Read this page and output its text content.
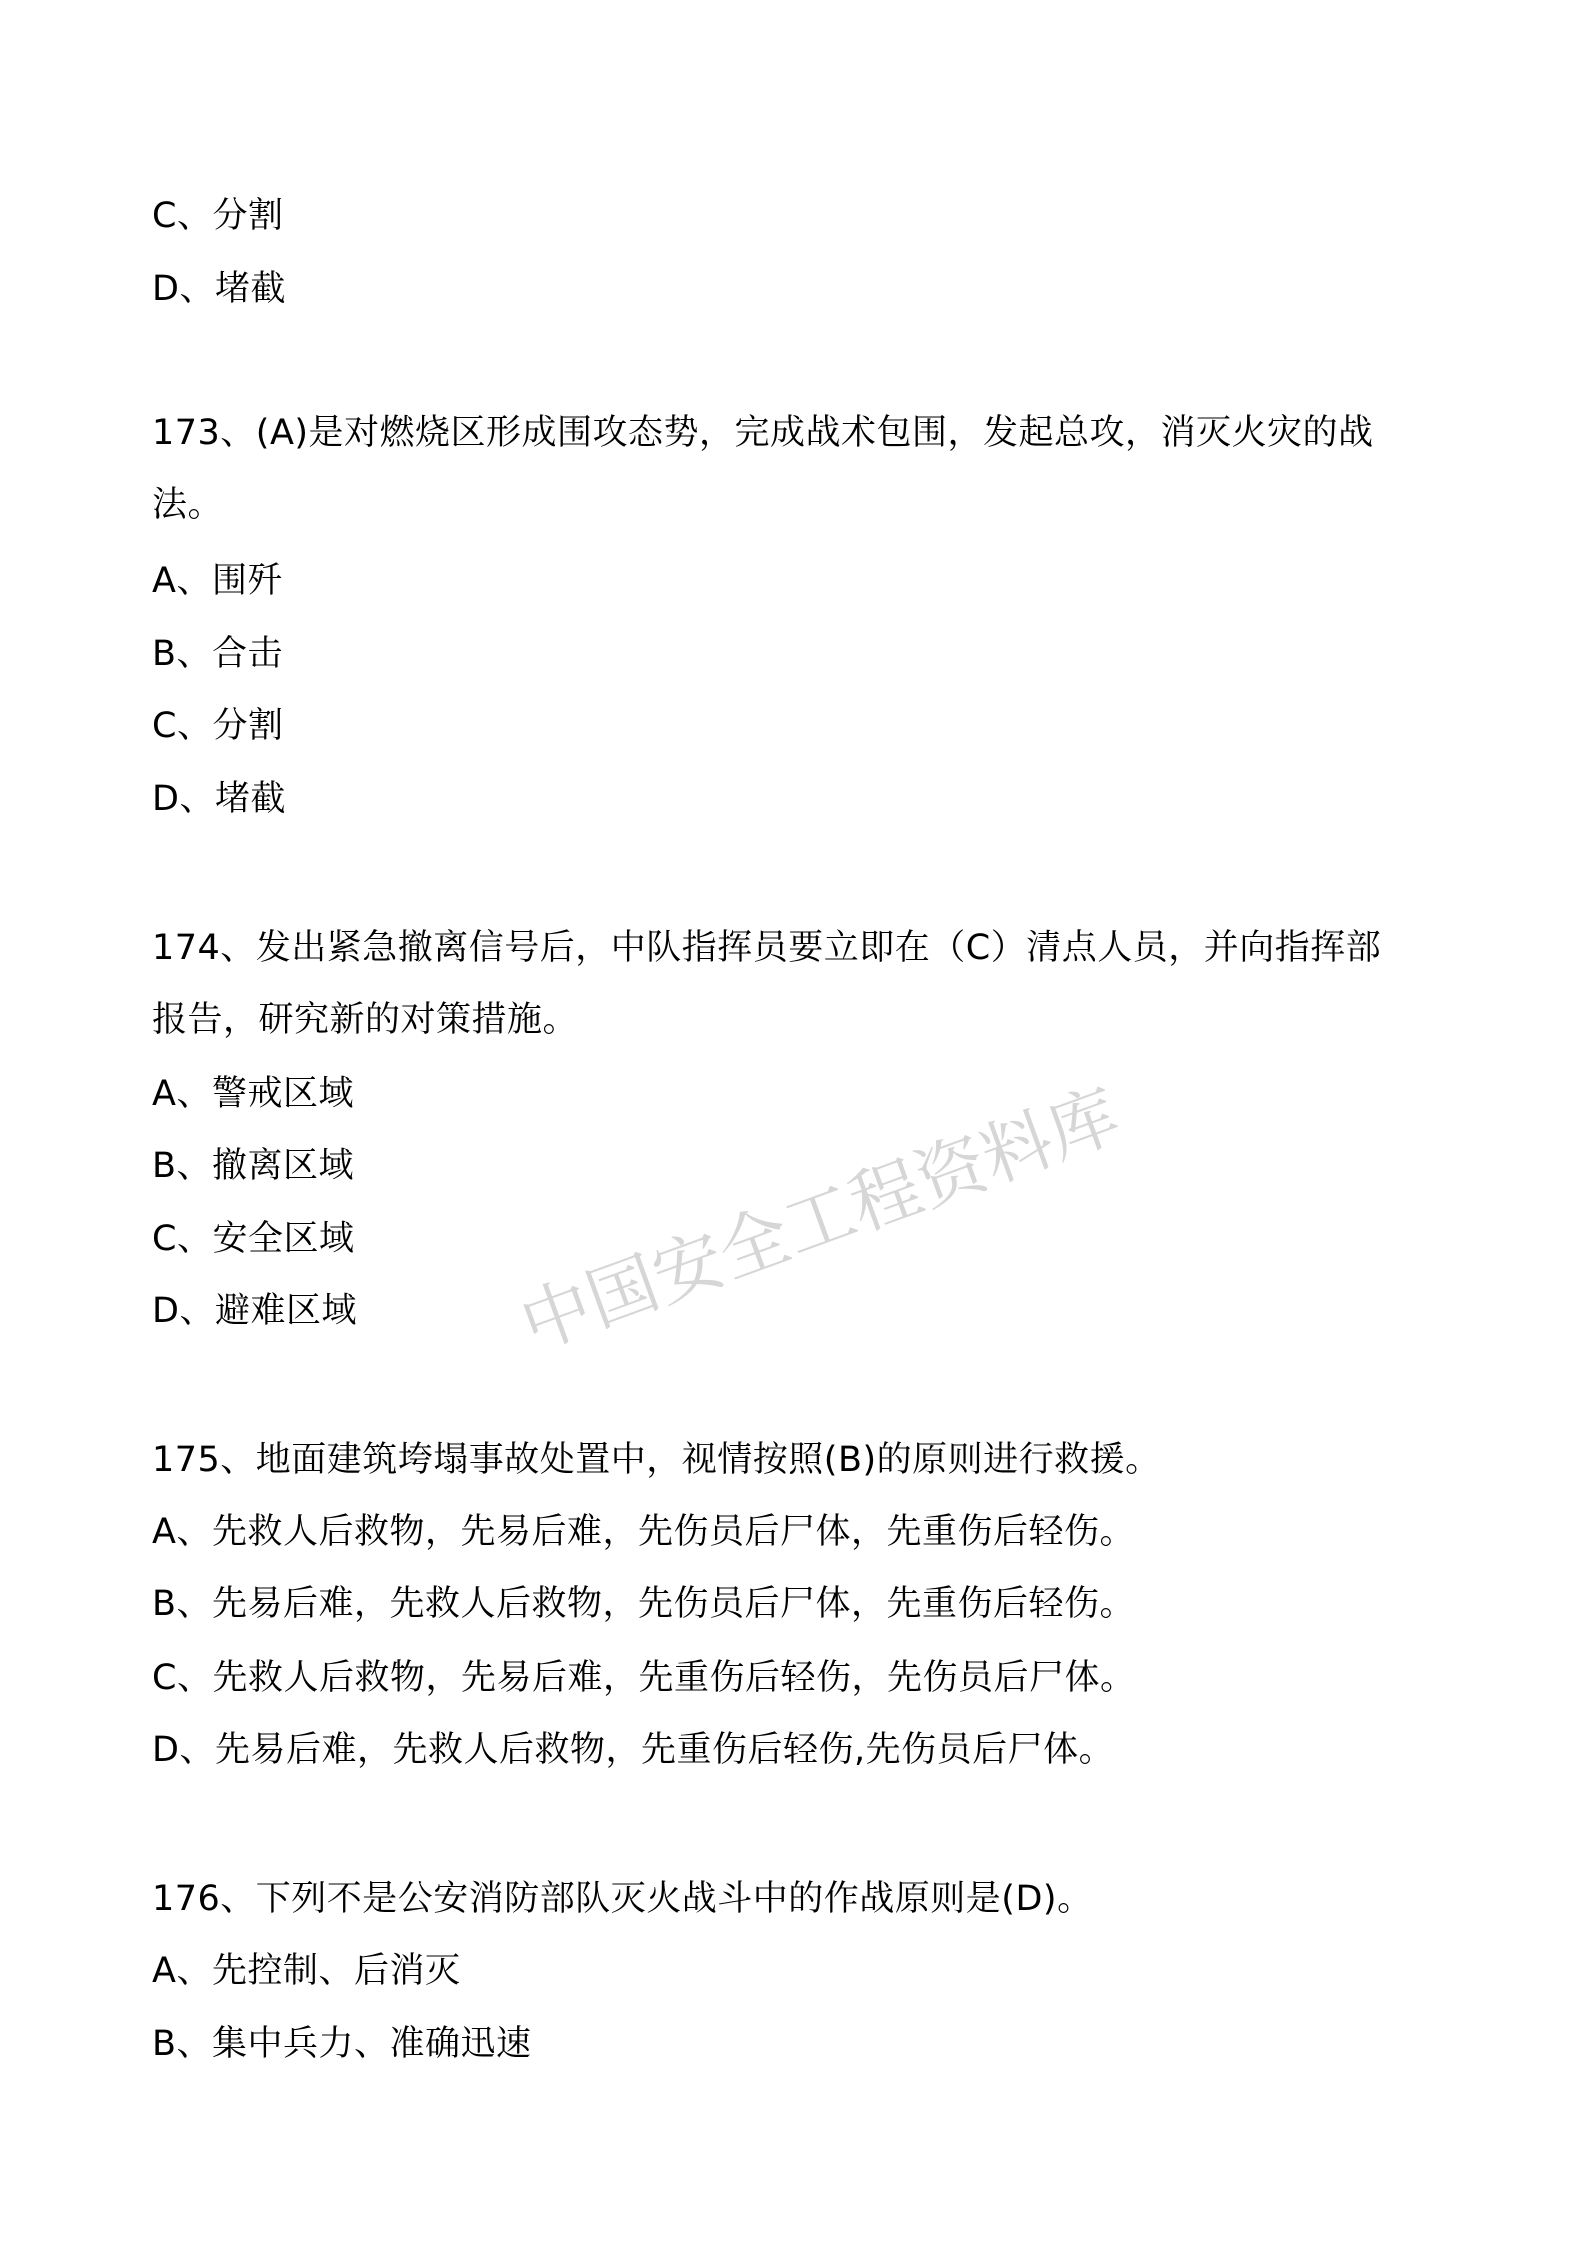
中国安全工程资料库
C、分割
D、堵截
173、(A)是对燃烧区形成围攻态势，完成战术包围，发起总攻，消灭火灾的战
法。
A、围歼
B、合击
C、分割
D、堵截
174、发出紧急撤离信号后，中队指挥员要立即在（C）清点人员，并向指挥部
报告，研究新的对策措施。
A、警戒区域
B、撤离区域
C、安全区域
D、避难区域
175、地面建筑垮塌事故处置中，视情按照(B)的原则进行救援。
A、先救人后救物，先易后难，先伤员后尸体，先重伤后轻伤。
B、先易后难，先救人后救物，先伤员后尸体，先重伤后轻伤。
C、先救人后救物，先易后难，先重伤后轻伤，先伤员后尸体。
D、先易后难，先救人后救物，先重伤后轻伤,先伤员后尸体。
176、下列不是公安消防部队灭火战斗中的作战原则是(D)。
A、先控制、后消灭
B、集中兵力、准确迅速
